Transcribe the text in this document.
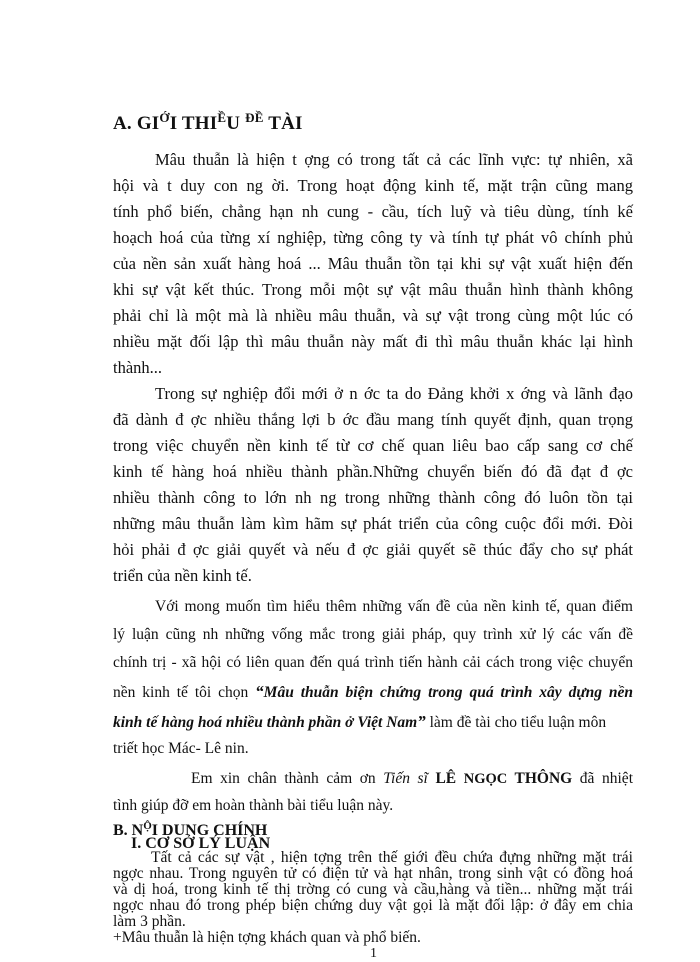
A. $GI^ỚI$ $THI^ỀU$ $^{ĐỀ}$ TÀI
Mâu thuẫn là hiện t ợng có trong tất cả các lĩnh vực: tự nhiên, xã
hội và t duy con ng ời. Trong hoạt động kinh tế, mặt trận cũng mang
tính phổ biến, chẳng hạn nh cung - cầu, tích luỹ và tiêu dùng, tính kế
hoạch hoá của từng xí nghiệp, từng công ty và tính tự phát vô chính phủ
của nền sản xuất hàng hoá ... Mâu thuẫn tồn tại khi sự vật xuất hiện đến
khi sự vật kết thúc. Trong mỗi một sự vật mâu thuẫn hình thành không
phải chỉ là một mà là nhiều mâu thuẫn, và sự vật trong cùng một lúc có
nhiều mặt đối lập thì mâu thuẫn này mất đi thì mâu thuẫn khác lại hình
thành...
Trong sự nghiệp đổi mới ở n ớc ta do Đảng khởi x ớng và lãnh đạo
đã dành đ ợc nhiều thắng lợi b ớc đầu mang tính quyết định, quan trọng
trong việc chuyển nền kinh tế từ cơ chế quan liêu bao cấp sang cơ chế
kinh tế hàng hoá nhiều thành phần.Những chuyển biến đó đã đạt đ ợc
nhiều thành công to lớn nh ng trong những thành công đó luôn tồn tại
những mâu thuẫn làm kìm hãm sự phát triển của công cuộc đổi mới. Đòi
hỏi phải đ ợc giải quyết và nếu đ ợc giải quyết sẽ thúc đẩy cho sự phát
triển của nền kinh tế.
Với mong muốn tìm hiểu thêm những vấn đề của nền kinh tế, quan điểm
lý luận cũng nh những vống mắc trong giải pháp, quy trình xử lý các vấn đề
chính trị - xã hội có liên quan đến quá trình tiến hành cải cách trong việc chuyển
nền kinh tế tôi chọn “Mâu thuẫn biện chứng trong quá trình xây dựng nền
kinh tế hàng hoá nhiều thành phần ở Việt Nam” làm đề tài cho tiểu luận môn
triết học Mác- Lê nin.
Em xin chân thành cảm ơn Tiến sĩ LÊ NGỌC THÔNG đã nhiệt
tình giúp đỡ em hoàn thành bài tiểu luận này.
B. $N^ỘI$ DUNG CHÍNH
I. CƠ SỞ LÝ LUẬN
Tất cả các sự vật , hiện tợng trên thế giới đều chứa đựng những mặt trái
ngợc nhau. Trong nguyên tử có điện tử và hạt nhân, trong sinh vật có đồng hoá
và dị hoá, trong kinh tế thị trờng có cung và cầu,hàng và tiền... những mặt trái
ngợc nhau đó trong phép biện chứng duy vật gọi là mặt đối lập: ở đây em chia
làm 3 phần.
+Mâu thuẫn là hiện tợng khách quan và phổ biến.
1
